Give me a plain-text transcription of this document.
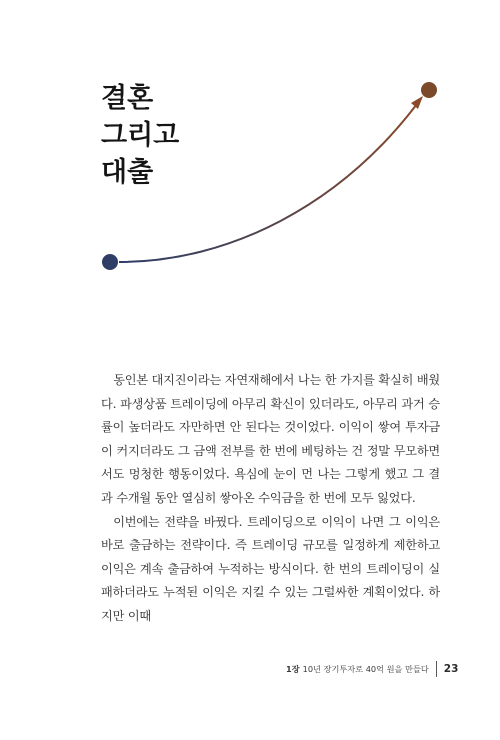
결혼
그리고
대출

동인본 대지진이라는 자연재해에서 나는 한 가지를 확실히 배웠다. 파생상품 트레이딩에 아무리 확신이 있더라도, 아무리 과거 승률이 높더라도 자만하면 안 된다는 것이었다. 이익이 쌓여 투자금이 커지더라도 그 금액 전부를 한 번에 베팅하는 건 정말 무모하면서도 멍청한 행동이었다. 욕심에 눈이 먼 나는 그렇게 했고 그 결과 수개월 동안 열심히 쌓아온 수익금을 한 번에 모두 잃었다.

이번에는 전략을 바꿨다. 트레이딩으로 이익이 나면 그 이익은 바로 출금하는 전략이다. 즉 트레이딩 규모를 일정하게 제한하고 이익은 계속 출금하여 누적하는 방식이다. 한 번의 트레이딩이 실패하더라도 누적된 이익은 지킬 수 있는 그럴싸한 계획이었다. 하지만 이때

1장 10년 장기투자로 40억 원을 만들다 23
